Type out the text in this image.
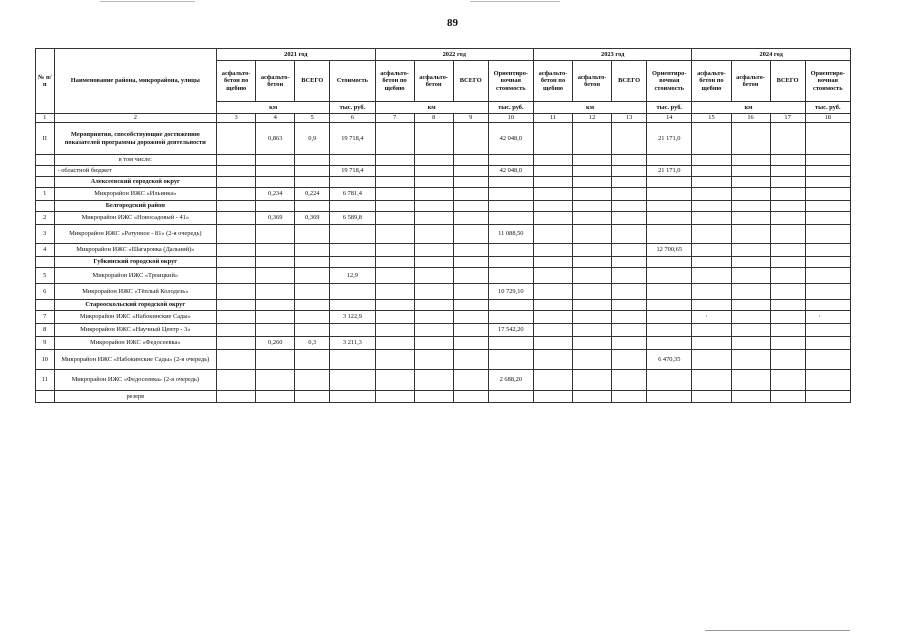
89
№ п/п	Наименование района, микрорайона, улицы	2021 год				2022 год				2023 год				2024 год			
		асфальто-бетон по щебню	асфальто-бетон	ВСЕГО	Стоимость	асфальто-бетон по щебню	асфальто-бетон	ВСЕГО	Ориентиро-вочная стоимость	асфальто-бетон по щебню	асфальто-бетон	ВСЕГО	Ориентиро-вочная стоимость	асфальто-бетон по щебню	асфальто-бетон	ВСЕГО	Ориентиро-вочная стоимость
		км			тыс. руб.	км			тыс. руб.	км			тыс. руб.	км			тыс. руб.
1	2	3	4	5	6	7	8	9	10	11	12	13	14	15	16	17	18
II	Мероприятия, способствующие достижению показателей программы дорожной деятельности		0,863	0,9	19 718,4				42 048,0				21 171,0				
	в том числе:																
	- областной бюджет				19 718,4				42 048,0				21 171,0				
	Алексеевский городской округ																
1	Микрорайон ИЖС «Ильинка»		0,234	0,224	6 781,4												
	Белгородский район																
2	Микрорайон ИЖС «Новосадовый - 41»		0,369	0,369	6 589,8												
3	Микрорайон ИЖС «Ратунное - 81» (2-я очередь)								11 088,50								
4	Микрорайон ИЖС «Шагаровка (Дальний)»												12 700,65				
	Губкинский городской округ																
5	Микрорайон ИЖС «Троицкий»				12,9												
6	Микрорайон ИЖС «Тёплый Колодезь»								10 729,10								
	Старооскольский городской округ																
7	Микрорайон ИЖС «Набокинские Сады»				3 122,9												
8	Микрорайон ИЖС «Научный Центр - 3»								17 542,20								
9	Микрорайон ИЖС «Федосеевка»		0,260	0,3	3 211,3												
10	Микрорайон ИЖС «Набокинские Сады» (2-я очередь)												6 470,35				
11	Микрорайон ИЖС «Федосеевка» (2-я очередь)								2 688,20								
	резерв																
·	·
